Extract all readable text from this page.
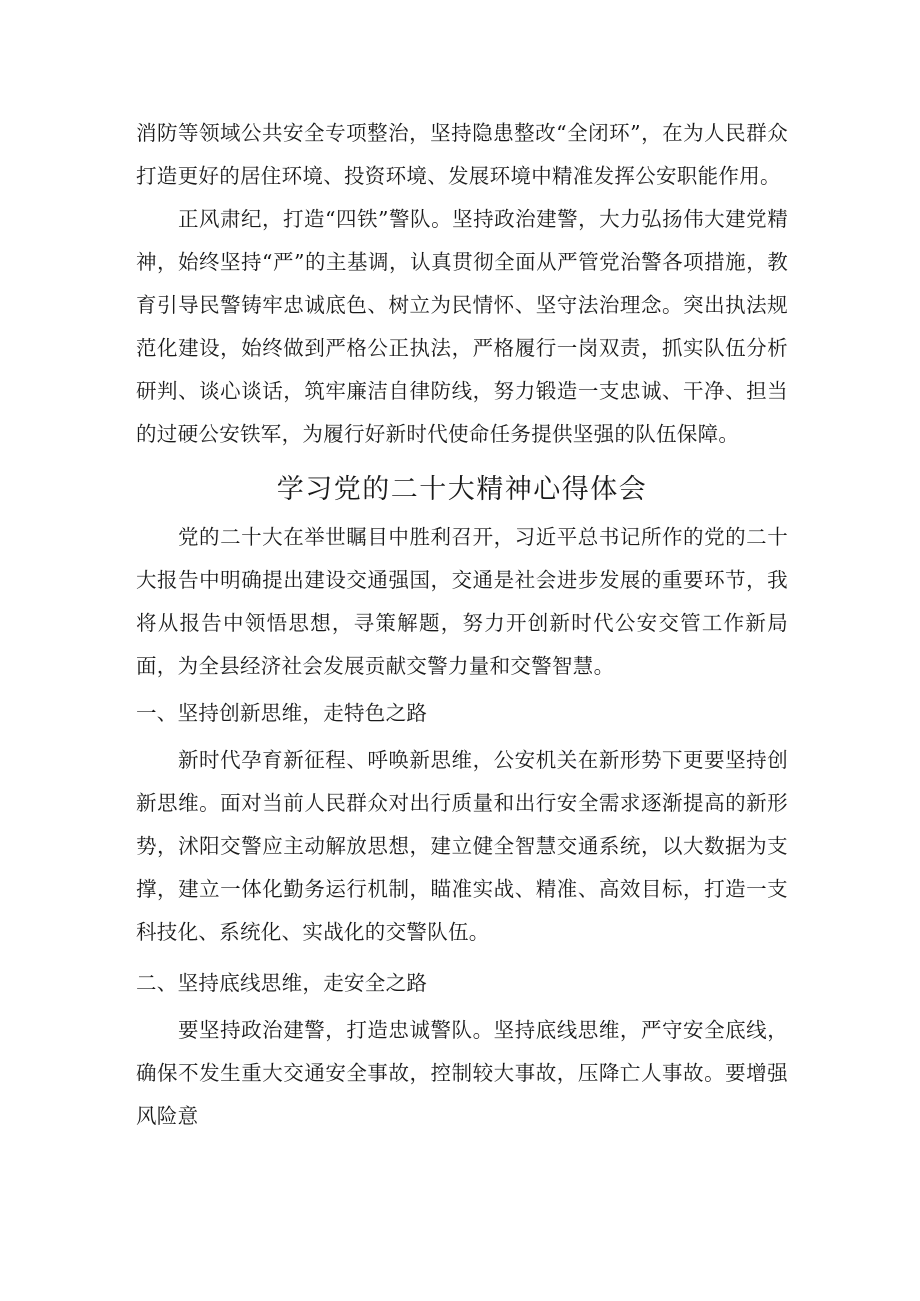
消防等领域公共安全专项整治，坚持隐患整改“全闭环”，在为人民群众打造更好的居住环境、投资环境、发展环境中精准发挥公安职能作用。

正风肃纪，打造“四铁”警队。坚持政治建警，大力弘扬伟大建党精神，始终坚持“严”的主基调，认真贯彻全面从严管党治警各项措施，教育引导民警铸牢忠诚底色、树立为民情怀、坚守法治理念。突出执法规范化建设，始终做到严格公正执法，严格履行一岗双责，抓实队伍分析研判、谈心谈话，筑牢廉洁自律防线，努力锻造一支忠诚、干净、担当的过硬公安铁军，为履行好新时代使命任务提供坚强的队伍保障。

学习党的二十大精神心得体会

党的二十大在举世瞩目中胜利召开，习近平总书记所作的党的二十大报告中明确提出建设交通强国，交通是社会进步发展的重要环节，我将从报告中领悟思想，寻策解题，努力开创新时代公安交管工作新局面，为全县经济社会发展贡献交警力量和交警智慧。

一、坚持创新思维，走特色之路

新时代孕育新征程、呼唤新思维，公安机关在新形势下更要坚持创新思维。面对当前人民群众对出行质量和出行安全需求逐渐提高的新形势，沭阳交警应主动解放思想，建立健全智慧交通系统，以大数据为支撑，建立一体化勤务运行机制，瞄准实战、精准、高效目标，打造一支科技化、系统化、实战化的交警队伍。

二、坚持底线思维，走安全之路

要坚持政治建警，打造忠诚警队。坚持底线思维，严守安全底线，确保不发生重大交通安全事故，控制较大事故，压降亡人事故。要增强风险意
